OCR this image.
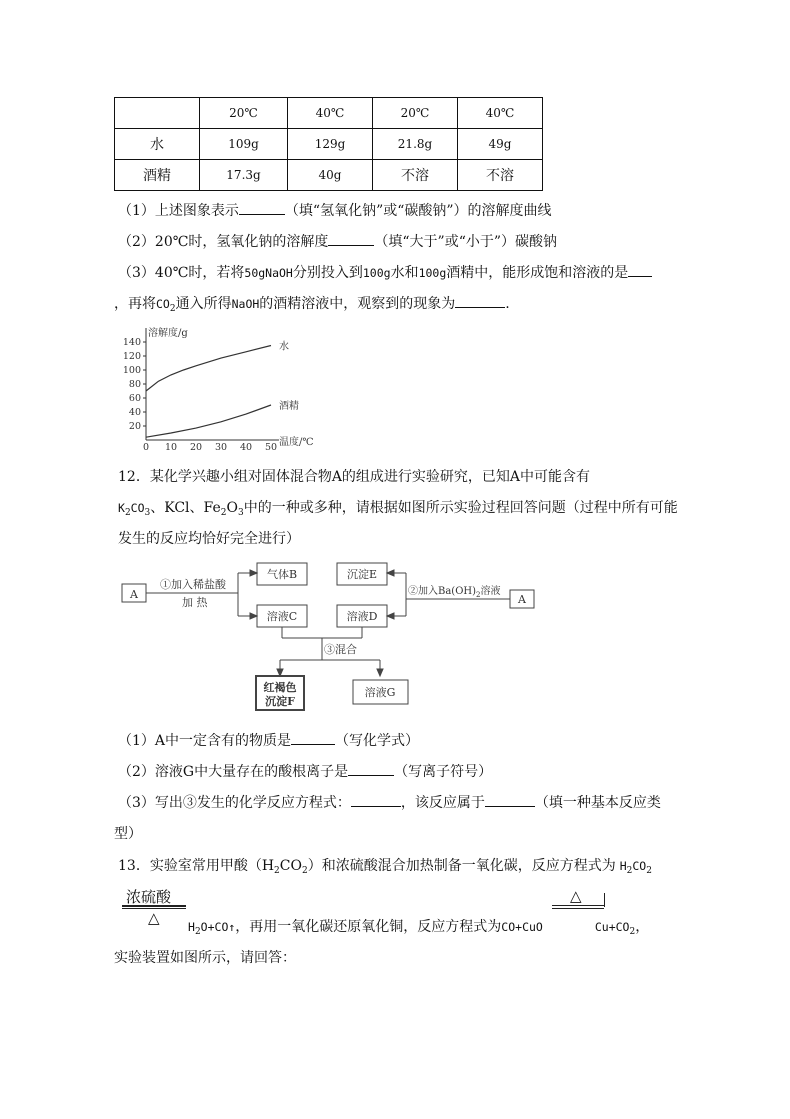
	20℃	40℃	20℃	40℃
水	109g	129g	21.8g	49g
酒精	17.3g	40g	不溶	不溶
（1）上述图象表示	（填“氢氧化钠”或“碳酸钠”）的溶解度曲线
（2）20℃时，氢氧化钠的溶解度	（填“大于”或“小于”）碳酸钠
（3）40℃时，若将50gNaOH分别投入到100g水和100g酒精中，能形成饱和溶液的是
，再将$CO_2$通入所得NaOH的酒精溶液中，观察到的现象为	.
溶解度/g
温度/℃
0 10 20 30 40 50
20
40
60
80
100
120
140	水
酒精
12．某化学兴趣小组对固体混合物A的组成进行实验研究，已知A中可能含有
$K_2CO_3$、KCl、$Fe_2O_3$中的一种或多种，请根据如图所示实验过程回答问题（过程中所有可能
发生的反应均恰好完全进行）
A
①加入稀盐酸
加 热
气体B
溶液C
沉淀E
溶液D
②加入$Ba(OH)_2$溶液
A
③混合
红褐色
沉淀F
溶液G
（1）A中一定含有的物质是	（写化学式）
（2）溶液G中大量存在的酸根离子是	（写离子符号）
（3）写出③发生的化学反应方程式：	，该反应属于	（填一种基本反应类
型）
13．实验室常用甲酸$(H_2CO_2)$和浓硫酸混合加热制备一氧化碳，反应方程式为 $H_2CO_2$
浓硫酸
△
△
$H_2O+CO↑$，再用一氧化碳还原氧化铜，反应方程式为CO+CuO	$Cu+CO_2$，
实验装置如图所示，请回答：
